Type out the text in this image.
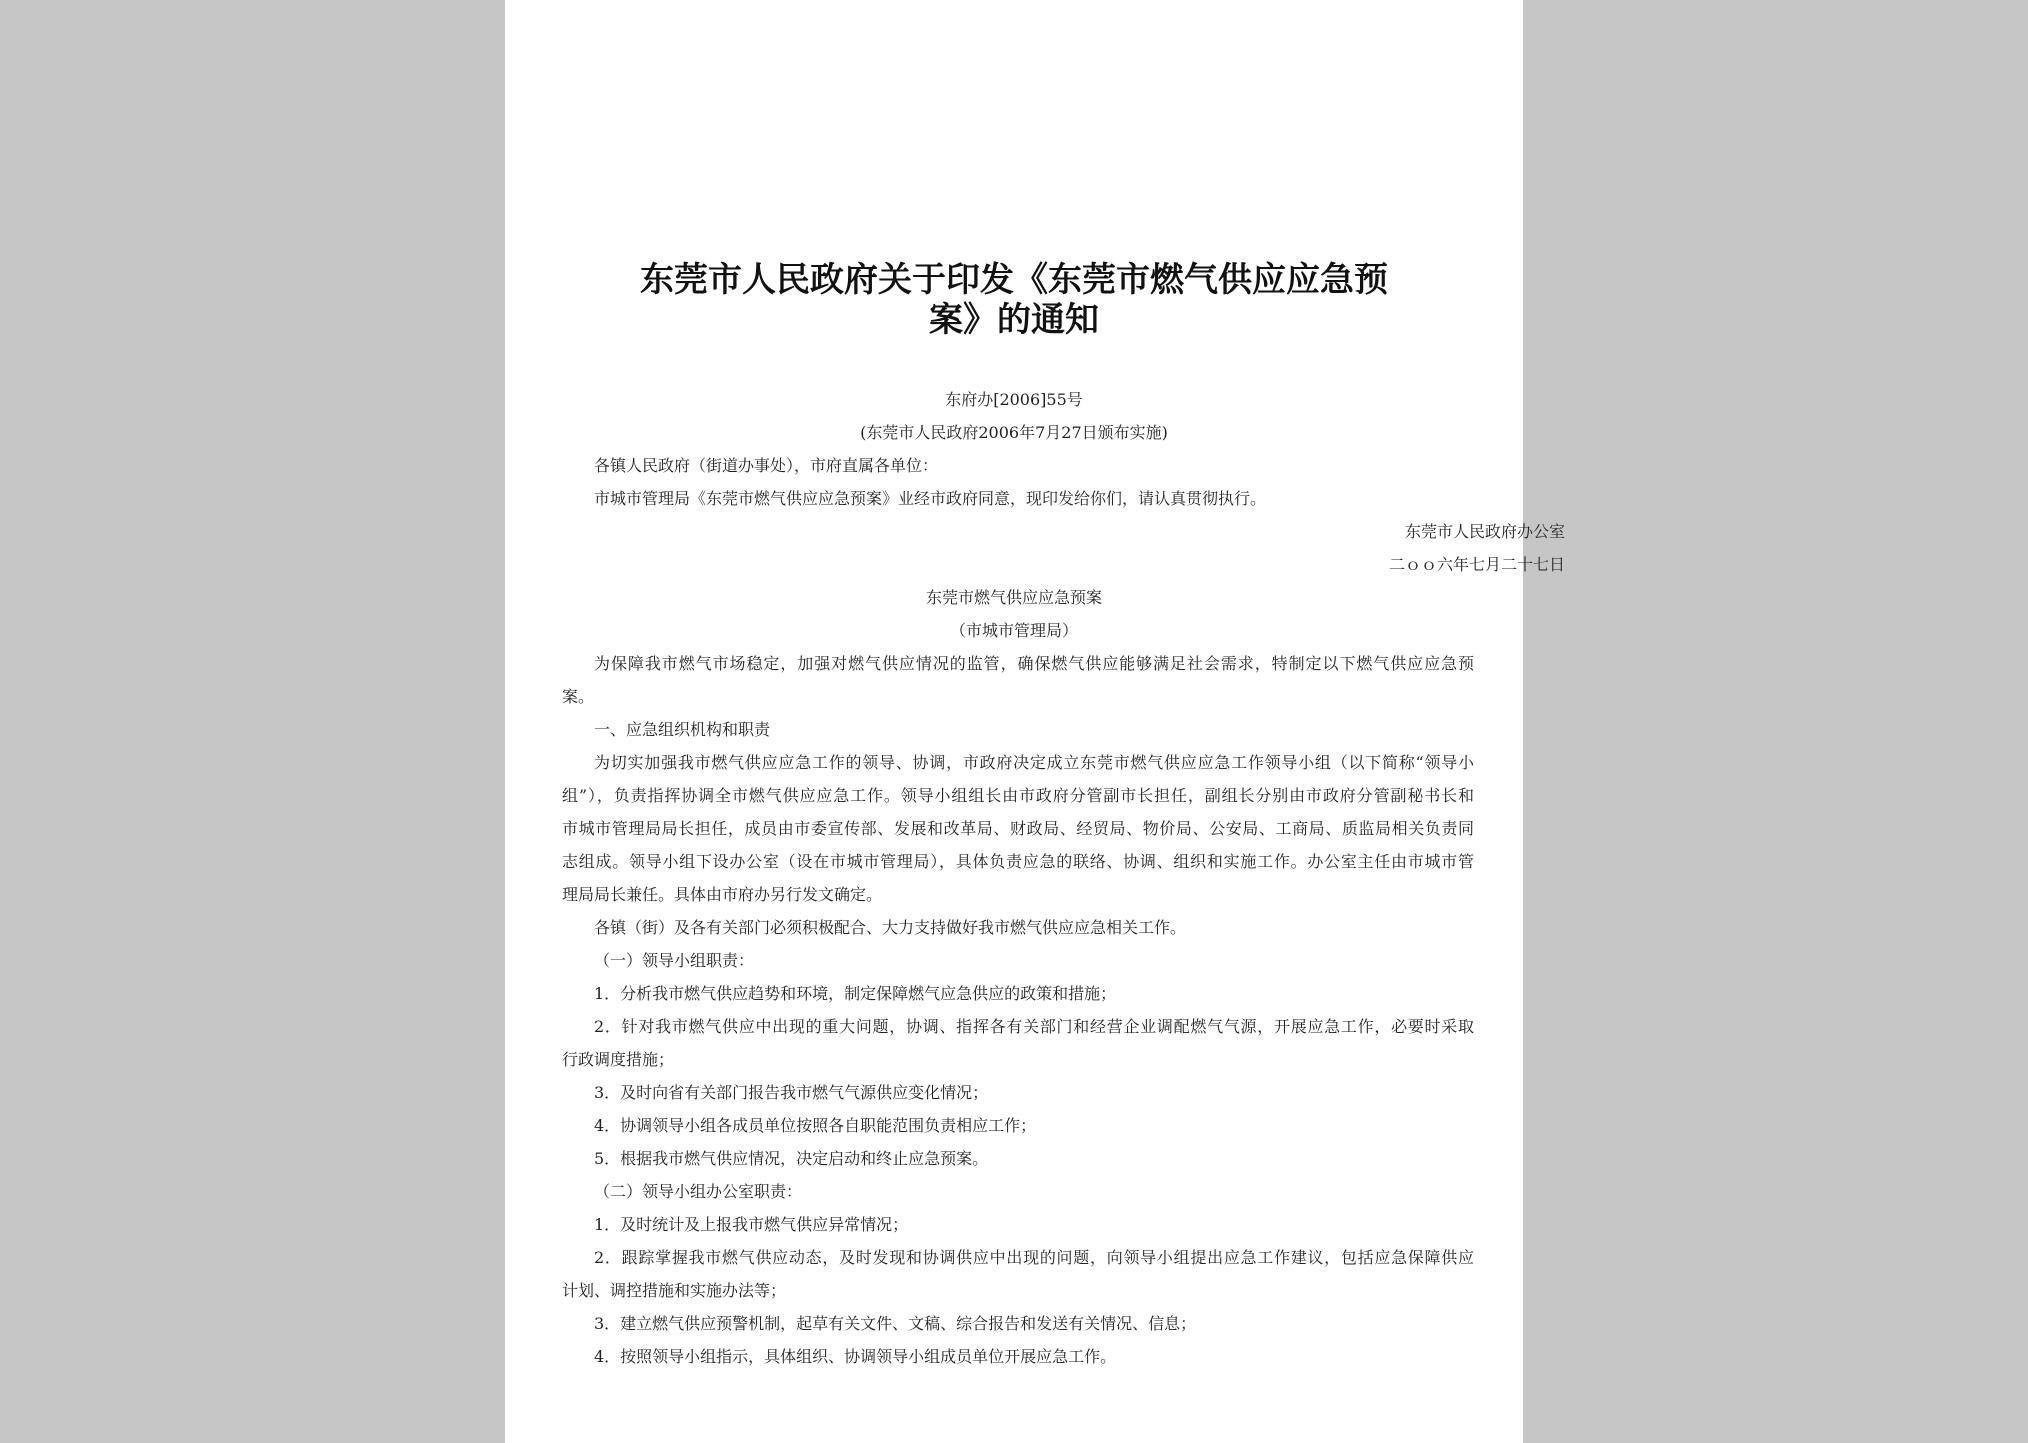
东莞市人民政府关于印发《东莞市燃气供应应急预
案》的通知

东府办[2006]55号

(东莞市人民政府2006年7月27日颁布实施)

各镇人民政府（街道办事处），市府直属各单位：

市城市管理局《东莞市燃气供应应急预案》业经市政府同意，现印发给你们，请认真贯彻执行。

东莞市人民政府办公室

二ｏｏ六年七月二十七日

东莞市燃气供应应急预案

（市城市管理局）

为保障我市燃气市场稳定，加强对燃气供应情况的监管，确保燃气供应能够满足社会需求，特制定以下燃气供应应急预

案。

一、应急组织机构和职责

为切实加强我市燃气供应应急工作的领导、协调，市政府决定成立东莞市燃气供应应急工作领导小组（以下简称“领导小

组”），负责指挥协调全市燃气供应应急工作。领导小组组长由市政府分管副市长担任，副组长分别由市政府分管副秘书长和

市城市管理局局长担任，成员由市委宣传部、发展和改革局、财政局、经贸局、物价局、公安局、工商局、质监局相关负责同

志组成。领导小组下设办公室（设在市城市管理局），具体负责应急的联络、协调、组织和实施工作。办公室主任由市城市管

理局局长兼任。具体由市府办另行发文确定。

各镇（街）及各有关部门必须积极配合、大力支持做好我市燃气供应应急相关工作。

（一）领导小组职责：

1．分析我市燃气供应趋势和环境，制定保障燃气应急供应的政策和措施；

2．针对我市燃气供应中出现的重大问题，协调、指挥各有关部门和经营企业调配燃气气源，开展应急工作，必要时采取

行政调度措施；

3．及时向省有关部门报告我市燃气气源供应变化情况；

4．协调领导小组各成员单位按照各自职能范围负责相应工作；

5．根据我市燃气供应情况，决定启动和终止应急预案。

（二）领导小组办公室职责：

1．及时统计及上报我市燃气供应异常情况；

2．跟踪掌握我市燃气供应动态，及时发现和协调供应中出现的问题，向领导小组提出应急工作建议，包括应急保障供应

计划、调控措施和实施办法等；

3．建立燃气供应预警机制，起草有关文件、文稿、综合报告和发送有关情况、信息；

4．按照领导小组指示，具体组织、协调领导小组成员单位开展应急工作。
